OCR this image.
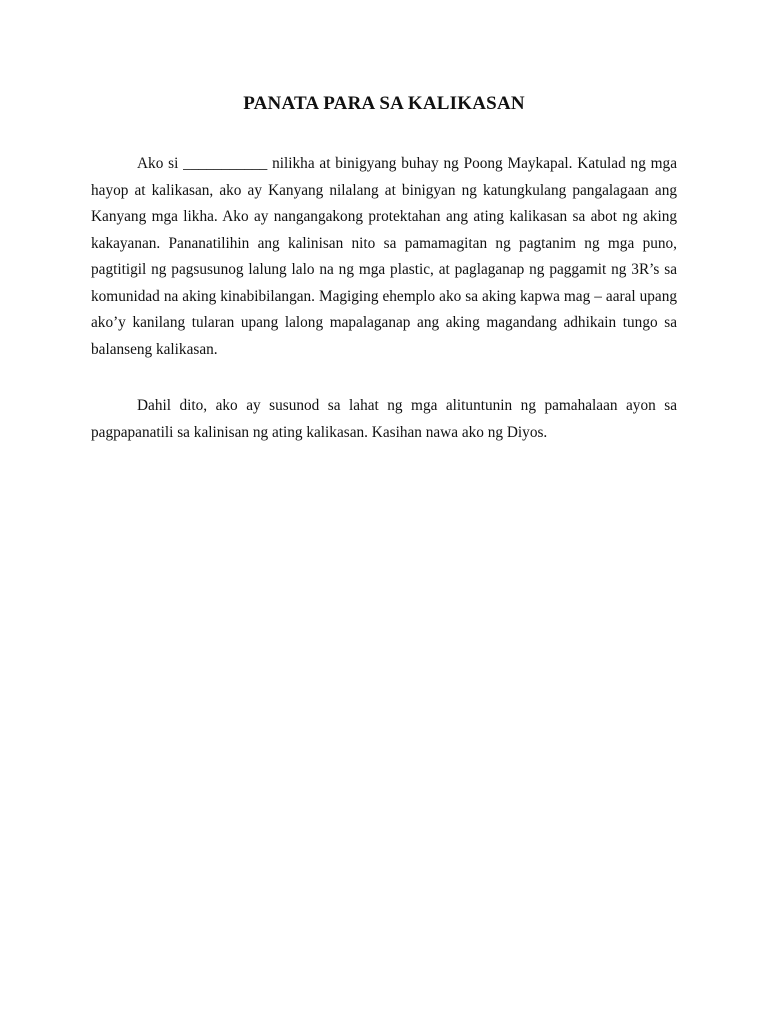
PANATA PARA SA KALIKASAN

Ako si ___________ nilikha at binigyang buhay ng Poong Maykapal. Katulad ng mga hayop at kalikasan, ako ay Kanyang nilalang at binigyan ng katungkulang pangalagaan ang Kanyang mga likha. Ako ay nangangakong protektahan ang ating kalikasan sa abot ng aking kakayanan. Pananatilihin ang kalinisan nito sa pamamagitan ng pagtanim ng mga puno, pagtitigil ng pagsusunog lalung lalo na ng mga plastic, at paglaganap ng paggamit ng 3R’s sa komunidad na aking kinabibilangan. Magiging ehemplo ako sa aking kapwa mag – aaral upang ako’y kanilang tularan upang lalong mapalaganap ang aking magandang adhikain tungo sa balanseng kalikasan.

Dahil dito, ako ay susunod sa lahat ng mga alituntunin ng pamahalaan ayon sa pagpapanatili sa kalinisan ng ating kalikasan. Kasihan nawa ako ng Diyos.
